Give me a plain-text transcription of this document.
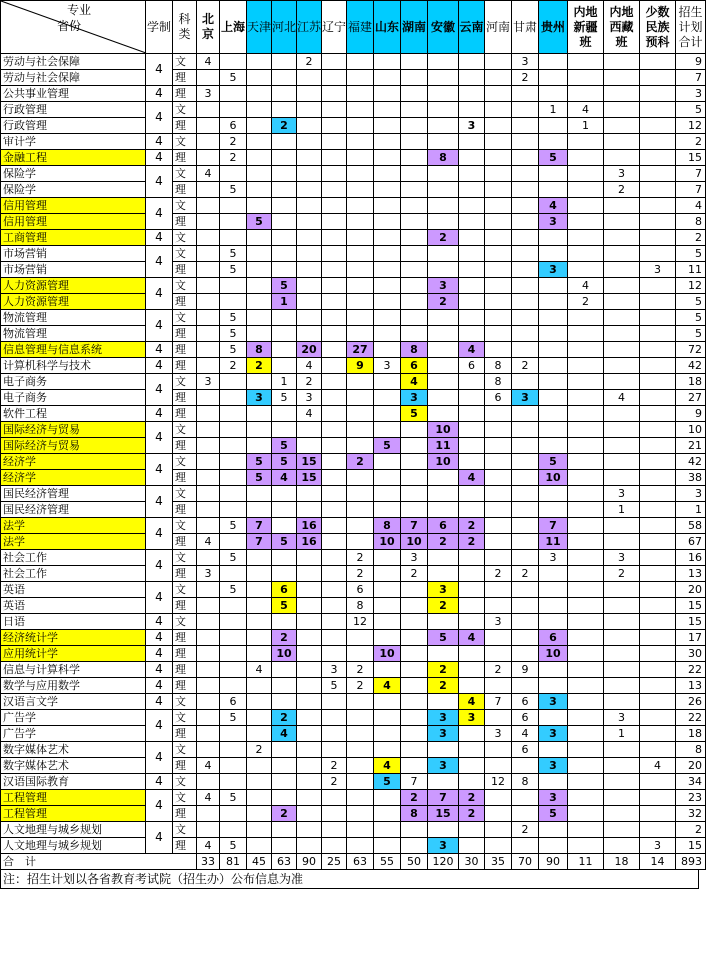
专业
省份	学制	科类	北京	上海	天津	河北	江苏	辽宁	福建	山东	湖南	安徽	云南	河南	甘肃	贵州	内地新疆班	内地西藏班	少数民族预科	招生计划合计
劳动与社会保障	4	文	4				2								3					9
劳动与社会保障		理		5											2					7
公共事业管理	4	理	3																	3
行政管理	4	文														1	4			5
行政管理		理		6		2							3				1			12
审计学	4	文		2																2
金融工程	4	理		2								8				5				15
保险学	4	文	4															3		7
保险学		理		5														2		7
信用管理	4	文														4				4
信用管理		理			5											3				8
工商管理	4	文										2								2
市场营销	4	文		5																5
市场营销		理		5												3			3	11
人力资源管理	4	文				5						3					4			12
人力资源管理		理				1						2					2			5
物流管理	4	文		5																5
物流管理		理		5																5
信息管理与信息系统	4	理		5	8		20		27		8		4							72
计算机科学与技术	4	理		2	2		4		9	3	6		6	8	2					42
电子商务	4	文	3			1	2				4			8						18
电子商务		理			3	5	3				3			6	3			4		27
软件工程	4	理					4				5									9
国际经济与贸易	4	文										10								10
国际经济与贸易		理				5				5		11								21
经济学	4	文			5	5	15		2			10				5				42
经济学		理			5	4	15						4			10				38
国民经济管理	4	文																3		3
国民经济管理		理																1		1
法学	4	文		5	7		16			8	7	6	2			7				58
法学		理	4		7	5	16			10	10	2	2			11				67
社会工作	4	文		5					2		3					3		3		16
社会工作		理	3						2		2			2	2			2		13
英语	4	文		5		6			6			3								20
英语		理				5			8			2								15
日语	4	文							12					3						15
经济统计学	4	理				2						5	4			6				17
应用统计学	4	理				10				10						10				30
信息与计算科学	4	理			4			3	2			2		2	9					22
数学与应用数学	4	理						5	2	4		2								13
汉语言文学	4	文		6									4	7	6	3				26
广告学	4	文		5		2						3	3		6			3		22
广告学		理				4						3		3	4	3		1		18
数字媒体艺术	4	文			2										6					8
数字媒体艺术		理	4					2		4		3				3			4	20
汉语国际教育	4	文						2		5	7			12	8					34
工程管理	4	文	4	5							2	7	2			3				23
工程管理		理				2					8	15	2			5				32
人文地理与城乡规划	4	文													2					2
人文地理与城乡规划		理	4	5								3							3	15
合　计			33	81	45	63	90	25	63	55	50	120	30	35	70	90	11	18	14	893
注：招生计划以各省教育考试院（招生办）公布信息为准
